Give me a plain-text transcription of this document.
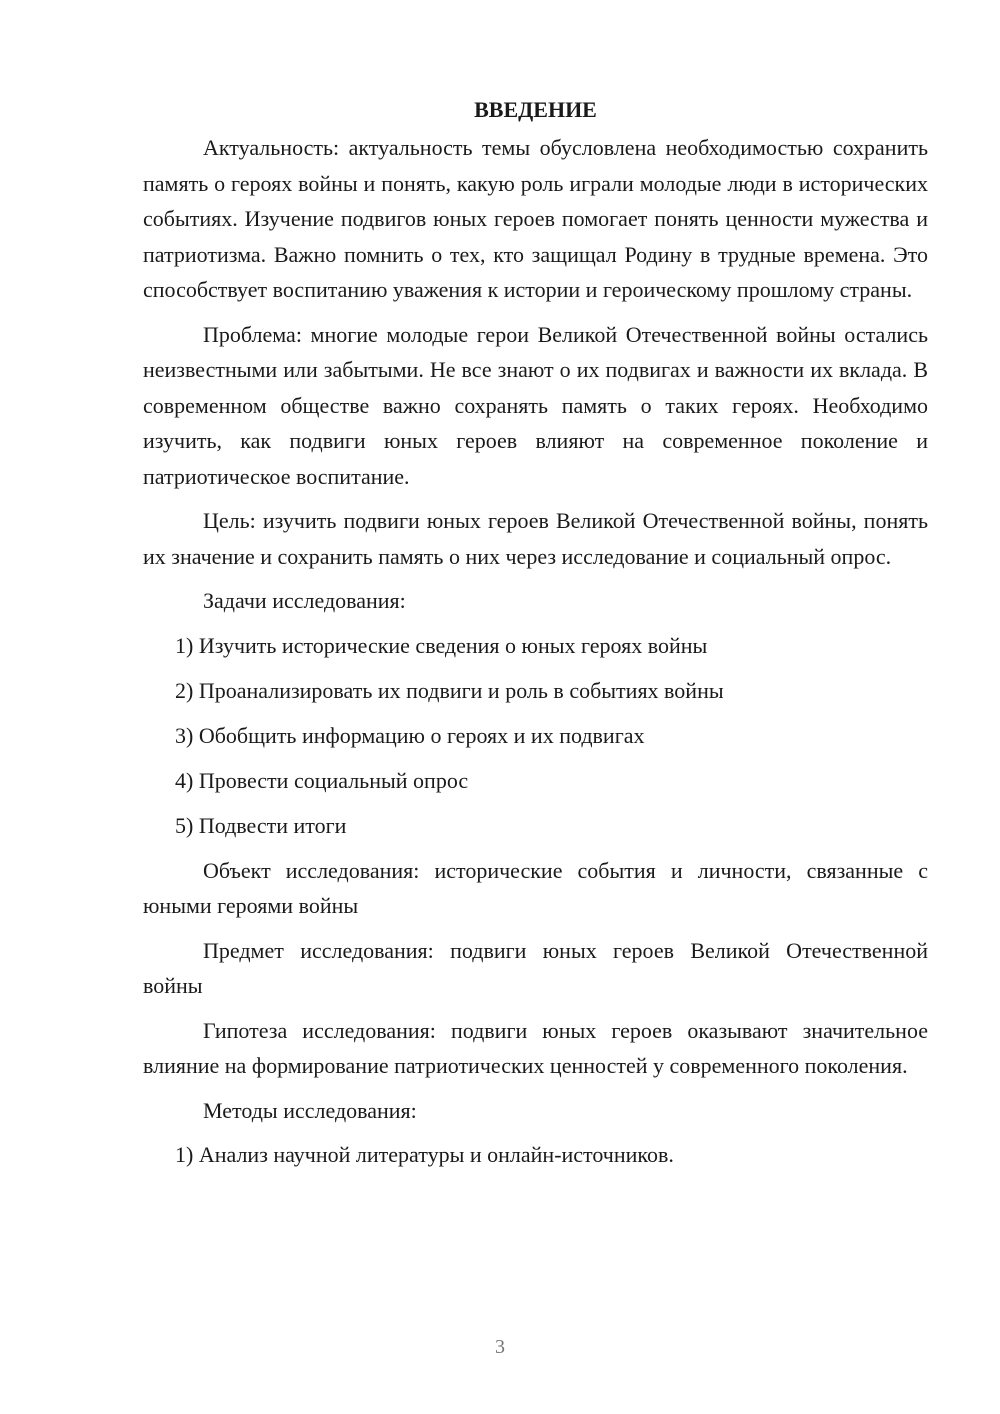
ВВЕДЕНИЕ

Актуальность: актуальность темы обусловлена необходимостью сохранить память о героях войны и понять, какую роль играли молодые люди в исторических событиях. Изучение подвигов юных героев помогает понять ценности мужества и патриотизма. Важно помнить о тех, кто защищал Родину в трудные времена. Это способствует воспитанию уважения к истории и героическому прошлому страны.

Проблема: многие молодые герои Великой Отечественной войны остались неизвестными или забытыми. Не все знают о их подвигах и важности их вклада. В современном обществе важно сохранять память о таких героях. Необходимо изучить, как подвиги юных героев влияют на современное поколение и патриотическое воспитание.

Цель: изучить подвиги юных героев Великой Отечественной войны, понять их значение и сохранить память о них через исследование и социальный опрос.

Задачи исследования:

1) Изучить исторические сведения о юных героях войны
2) Проанализировать их подвиги и роль в событиях войны
3) Обобщить информацию о героях и их подвигах
4) Провести социальный опрос
5) Подвести итоги

Объект исследования: исторические события и личности, связанные с юными героями войны

Предмет исследования: подвиги юных героев Великой Отечественной войны

Гипотеза исследования: подвиги юных героев оказывают значительное влияние на формирование патриотических ценностей у современного поколения.

Методы исследования:

1) Анализ научной литературы и онлайн-источников.
3
